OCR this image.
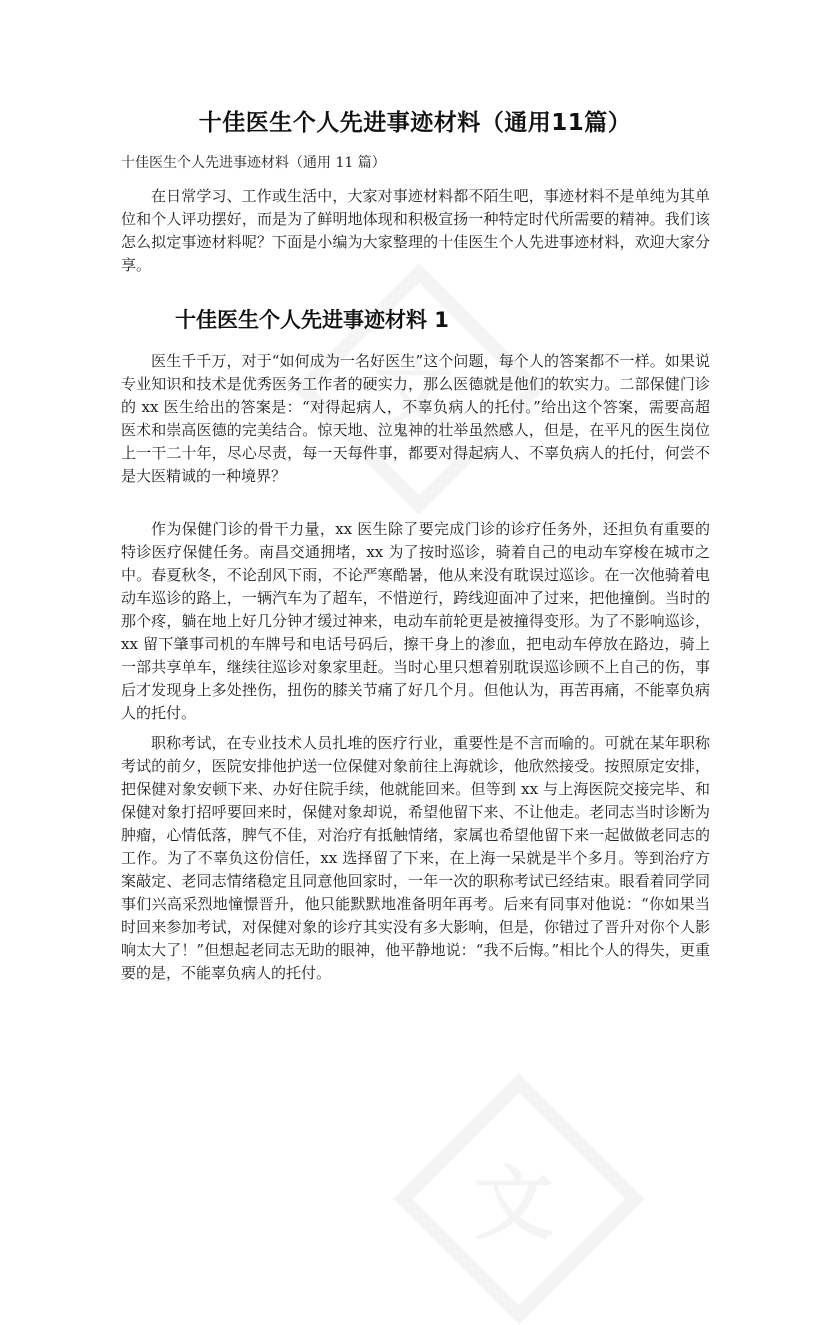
十佳医生个人先进事迹材料（通用11篇）
十佳医生个人先进事迹材料（通用 11 篇）

在日常学习、工作或生活中，大家对事迹材料都不陌生吧，事迹材料不是单纯为其单位和个人评功摆好，而是为了鲜明地体现和积极宣扬一种特定时代所需要的精神。我们该怎么拟定事迹材料呢？下面是小编为大家整理的十佳医生个人先进事迹材料，欢迎大家分享。

十佳医生个人先进事迹材料 1

医生千千万，对于“如何成为一名好医生”这个问题，每个人的答案都不一样。如果说专业知识和技术是优秀医务工作者的硬实力，那么医德就是他们的软实力。二部保健门诊的 xx 医生给出的答案是：“对得起病人，不辜负病人的托付。”给出这个答案，需要高超医术和崇高医德的完美结合。惊天地、泣鬼神的壮举虽然感人，但是，在平凡的医生岗位上一干二十年，尽心尽责，每一天每件事，都要对得起病人、不辜负病人的托付，何尝不是大医精诚的一种境界？

作为保健门诊的骨干力量，xx 医生除了要完成门诊的诊疗任务外，还担负有重要的特诊医疗保健任务。南昌交通拥堵，xx 为了按时巡诊，骑着自己的电动车穿梭在城市之中。春夏秋冬，不论刮风下雨，不论严寒酷暑，他从来没有耽误过巡诊。在一次他骑着电动车巡诊的路上，一辆汽车为了超车，不惜逆行，跨线迎面冲了过来，把他撞倒。当时的那个疼，躺在地上好几分钟才缓过神来，电动车前轮更是被撞得变形。为了不影响巡诊，xx 留下肇事司机的车牌号和电话号码后，擦干身上的渗血，把电动车停放在路边，骑上一部共享单车，继续往巡诊对象家里赶。当时心里只想着别耽误巡诊顾不上自己的伤，事后才发现身上多处挫伤，扭伤的膝关节痛了好几个月。但他认为，再苦再痛，不能辜负病人的托付。

职称考试，在专业技术人员扎堆的医疗行业，重要性是不言而喻的。可就在某年职称考试的前夕，医院安排他护送一位保健对象前往上海就诊，他欣然接受。按照原定安排，把保健对象安顿下来、办好住院手续，他就能回来。但等到 xx 与上海医院交接完毕、和保健对象打招呼要回来时，保健对象却说，希望他留下来、不让他走。老同志当时诊断为肿瘤，心情低落，脾气不佳，对治疗有抵触情绪，家属也希望他留下来一起做做老同志的工作。为了不辜负这份信任，xx 选择留了下来，在上海一呆就是半个多月。等到治疗方案敲定、老同志情绪稳定且同意他回家时，一年一次的职称考试已经结束。眼看着同学同事们兴高采烈地憧憬晋升，他只能默默地准备明年再考。后来有同事对他说：“你如果当时回来参加考试，对保健对象的诊疗其实没有多大影响，但是，你错过了晋升对你个人影响太大了！”但想起老同志无助的眼神，他平静地说：“我不后悔。”相比个人的得失，更重要的是，不能辜负病人的托付。
